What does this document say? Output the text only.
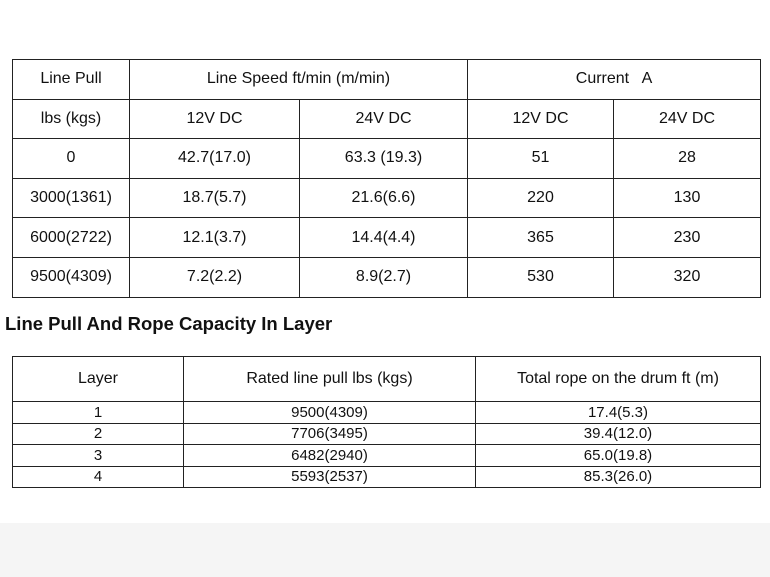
Line Pull	Line Speed ft/min (m/min)		Current   A	
lbs (kgs)	12V DC	24V DC	12V DC	24V DC
0	42.7(17.0)	63.3 (19.3)	51	28
3000(1361)	18.7(5.7)	21.6(6.6)	220	130
6000(2722)	12.1(3.7)	14.4(4.4)	365	230
9500(4309)	7.2(2.2)	8.9(2.7)	530	320
Line Pull And Rope Capacity In Layer
Layer	Rated line pull lbs (kgs)	Total rope on the drum ft (m)
1	9500(4309)	17.4(5.3)
2	7706(3495)	39.4(12.0)
3	6482(2940)	65.0(19.8)
4	5593(2537)	85.3(26.0)
